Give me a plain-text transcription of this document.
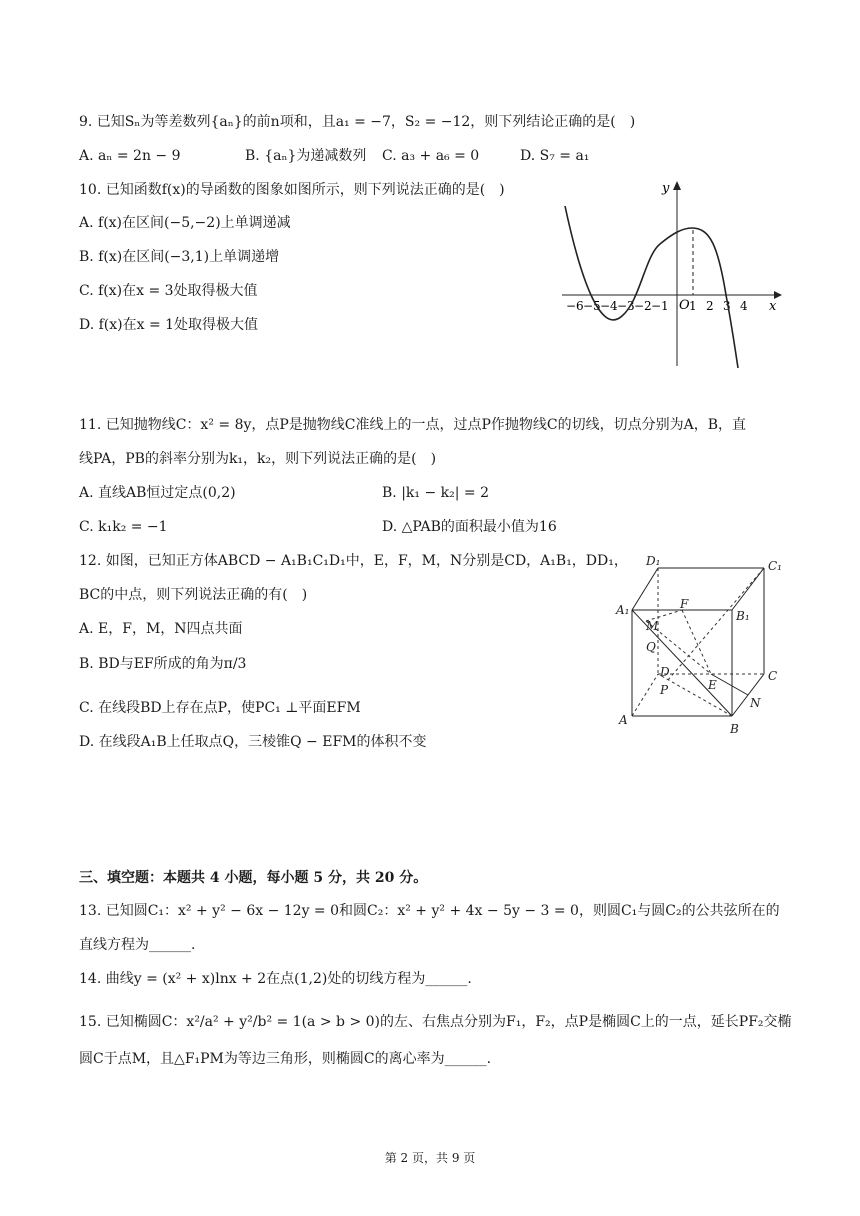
9. 已知Sₙ为等差数列{aₙ}的前n项和，且a₁ = −7，S₂ = −12，则下列结论正确的是(　)
A. aₙ = 2n − 9	B. {aₙ}为递减数列 C. a₃ + a₆ = 0	D. S₇ = a₁
10. 已知函数f(x)的导函数的图象如图所示，则下列说法正确的是(　)
A. f(x)在区间(−5,−2)上单调递减
B. f(x)在区间(−3,1)上单调递增
C. f(x)在x = 3处取得极大值
D. f(x)在x = 1处取得极大值
y
x
O
−6 −5 −4 −3 −2 −1 1 2 3 4
11. 已知抛物线C：x² = 8y，点P是抛物线C准线上的一点，过点P作抛物线C的切线，切点分别为A，B，直
线PA，PB的斜率分别为k₁，k₂，则下列说法正确的是(　)
A. 直线AB恒过定点(0,2)	B. |k₁ − k₂| = 2
C. k₁k₂ = −1	D. △PAB的面积最小值为16
12. 如图，已知正方体ABCD − A₁B₁C₁D₁中，E，F，M，N分别是CD，A₁B₁，DD₁，
BC的中点，则下列说法正确的有(　)
A. E，F，M，N四点共面
B. BD与EF所成的角为π/3
C. 在线段BD上存在点P，使PC₁ ⊥平面EFM
D. 在线段A₁B上任取点Q，三棱锥Q − EFM的体积不变
D₁	C₁
A₁	B₁
F
M
Q
D
P	E
C
N
A
B
三、填空题：本题共 4 小题，每小题 5 分，共 20 分。
13. 已知圆C₁：x² + y² − 6x − 12y = 0和圆C₂：x² + y² + 4x − 5y − 3 = 0，则圆C₁与圆C₂的公共弦所在的
直线方程为______.
14. 曲线y = (x² + x)lnx + 2在点(1,2)处的切线方程为______.
15. 已知椭圆C：x²/a² + y²/b² = 1(a > b > 0)的左、右焦点分别为F₁，F₂，点P是椭圆C上的一点，延长PF₂交椭
圆C于点M，且△F₁PM为等边三角形，则椭圆C的离心率为______.
第 2 页，共 9 页
